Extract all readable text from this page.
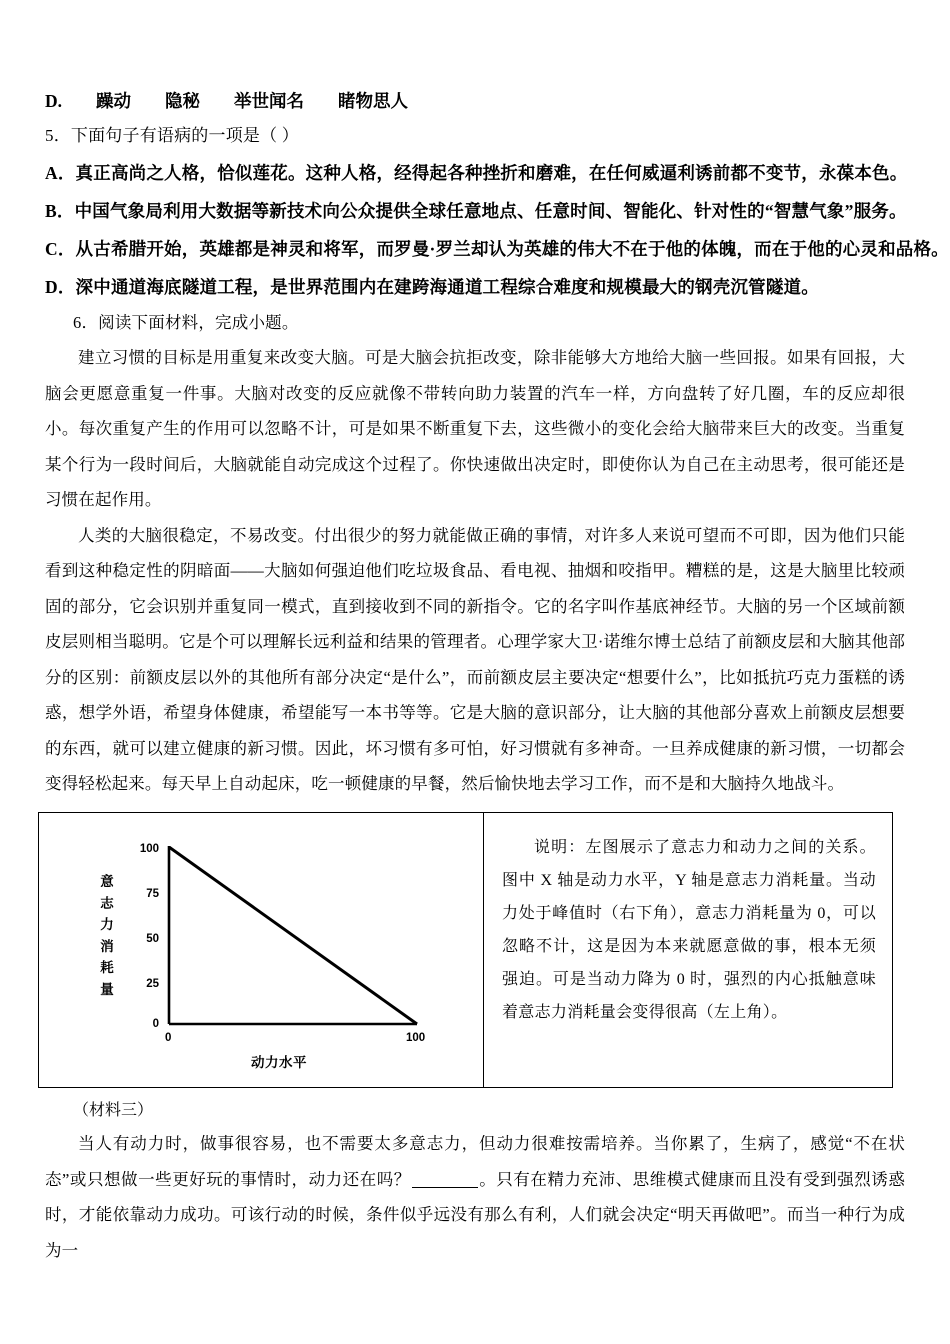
D. 躁动 隐秘 举世闻名 睹物思人
5．下面句子有语病的一项是（ ）
A．真正高尚之人格，恰似莲花。这种人格，经得起各种挫折和磨难，在任何威逼利诱前都不变节，永葆本色。
B．中国气象局利用大数据等新技术向公众提供全球任意地点、任意时间、智能化、针对性的“智慧气象”服务。
C．从古希腊开始，英雄都是神灵和将军，而罗曼·罗兰却认为英雄的伟大不在于他的体魄，而在于他的心灵和品格。
D．深中通道海底隧道工程，是世界范围内在建跨海通道工程综合难度和规模最大的钢壳沉管隧道。
6．阅读下面材料，完成小题。
建立习惯的目标是用重复来改变大脑。可是大脑会抗拒改变，除非能够大方地给大脑一些回报。如果有回报，大脑会更愿意重复一件事。大脑对改变的反应就像不带转向助力装置的汽车一样，方向盘转了好几圈，车的反应却很小。每次重复产生的作用可以忽略不计，可是如果不断重复下去，这些微小的变化会给大脑带来巨大的改变。当重复某个行为一段时间后，大脑就能自动完成这个过程了。你快速做出决定时，即使你认为自己在主动思考，很可能还是习惯在起作用。
人类的大脑很稳定，不易改变。付出很少的努力就能做正确的事情，对许多人来说可望而不可即，因为他们只能看到这种稳定性的阴暗面——大脑如何强迫他们吃垃圾食品、看电视、抽烟和咬指甲。糟糕的是，这是大脑里比较顽固的部分，它会识别并重复同一模式，直到接收到不同的新指令。它的名字叫作基底神经节。大脑的另一个区域前额皮层则相当聪明。它是个可以理解长远利益和结果的管理者。心理学家大卫·诺维尔博士总结了前额皮层和大脑其他部分的区别：前额皮层以外的其他所有部分决定“是什么”，而前额皮层主要决定“想要什么”，比如抵抗巧克力蛋糕的诱惑，想学外语，希望身体健康，希望能写一本书等等。它是大脑的意识部分，让大脑的其他部分喜欢上前额皮层想要的东西，就可以建立健康的新习惯。因此，坏习惯有多可怕，好习惯就有多神奇。一旦养成健康的新习惯，一切都会变得轻松起来。每天早上自动起床，吃一顿健康的早餐，然后愉快地去学习工作，而不是和大脑持久地战斗。
意
志
力
消
耗
量
100
75
50
25
0
0	100
动力水平
说明：左图展示了意志力和动力之间的关系。图中 X 轴是动力水平，Y 轴是意志力消耗量。当动力处于峰值时（右下角），意志力消耗量为 0，可以忽略不计，这是因为本来就愿意做的事，根本无须强迫。可是当动力降为 0 时，强烈的内心抵触意味着意志力消耗量会变得很高（左上角）。
（材料三）
当人有动力时，做事很容易，也不需要太多意志力，但动力很难按需培养。当你累了，生病了，感觉“不在状态”或只想做一些更好玩的事情时，动力还在吗？	。只有在精力充沛、思维模式健康而且没有受到强烈诱惑时，才能依靠动力成功。可该行动的时候，条件似乎远没有那么有利，人们就会决定“明天再做吧”。而当一种行为成为一
